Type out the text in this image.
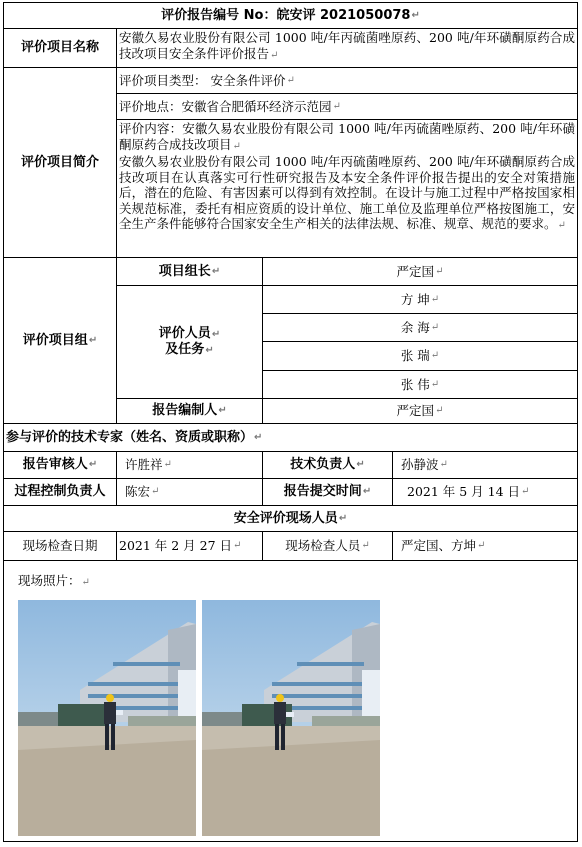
评价报告编号 No：皖安评 2021050078 ↵
评价项目名称
安徽久易农业股份有限公司 1000 吨/年丙硫菌唑原药、200 吨/年环磺酮原药合成技改项目安全条件评价报告↵
评价项目简介
评价项目类型： 安全条件评价 ↵
评价地点：安徽省合肥循环经济示范园 ↵
评价内容：安徽久易农业股份有限公司 1000 吨/年丙硫菌唑原药、200 吨/年环磺酮原药合成技改项目↵
安徽久易农业股份有限公司 1000 吨/年丙硫菌唑原药、200 吨/年环磺酮原药合成技改项目在认真落实可行性研究报告及本安全条件评价报告提出的安全对策措施后，潜在的危险、有害因素可以得到有效控制。在设计与施工过程中严格按国家相关规范标准，委托有相应资质的设计单位、施工单位及监理单位严格按图施工，安全生产条件能够符合国家安全生产相关的法律法规、标准、规章、规范的要求。↵
评价项目组 ↵
项目组长 ↵	严定国 ↵
评价人员↵
及任务↵
方 坤 ↵
余 海 ↵
张 瑞 ↵
张 伟 ↵
报告编制人 ↵	严定国 ↵
参与评价的技术专家（姓名、资质或职称） ↵
报告审核人 ↵ 许胜祥 ↵	技术负责人 ↵	孙静波 ↵
过程控制负责人 陈宏 ↵	报告提交时间 ↵	2021 年 5 月 14 日 ↵
安全评价现场人员 ↵
现场检查日期 2021 年 2 月 27 日 ↵	现场检查人员 ↵	严定国、方坤 ↵
现场照片：↵
